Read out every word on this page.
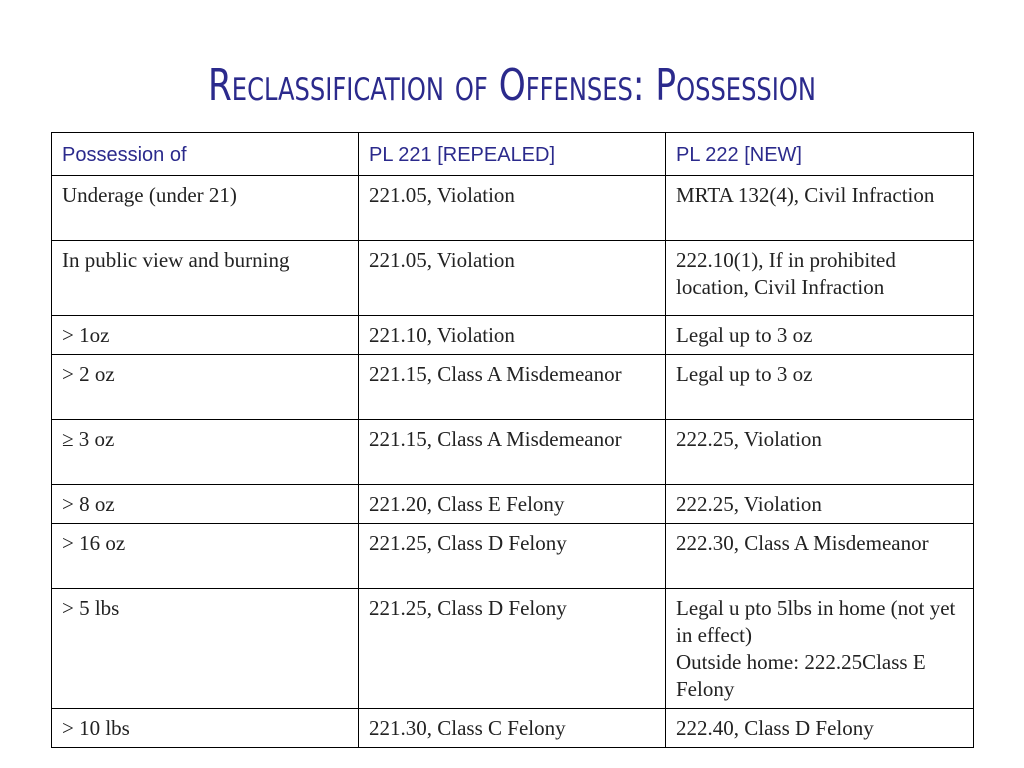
Reclassification of Offenses: Possession
Possession of	PL 221 [REPEALED]	PL 222 [NEW]
Underage (under 21)	221.05, Violation	MRTA 132(4), Civil Infraction

In public view and burning	221.05, Violation	222.10(1), If in prohibited location, Civil Infraction

> 1oz	221.10, Violation	Legal up to 3 oz

> 2 oz	221.15, Class A Misdemeanor	Legal up to 3 oz

≥ 3 oz	221.15, Class A Misdemeanor	222.25, Violation

> 8 oz	221.20, Class E Felony	222.25, Violation

> 16 oz	221.25, Class D Felony	222.30, Class A Misdemeanor

> 5 lbs	221.25, Class D Felony	Legal u pto 5lbs in home (not yet in effect)
Outside home: 222.25Class E Felony

> 10 lbs	221.30, Class C Felony	222.40, Class D Felony
